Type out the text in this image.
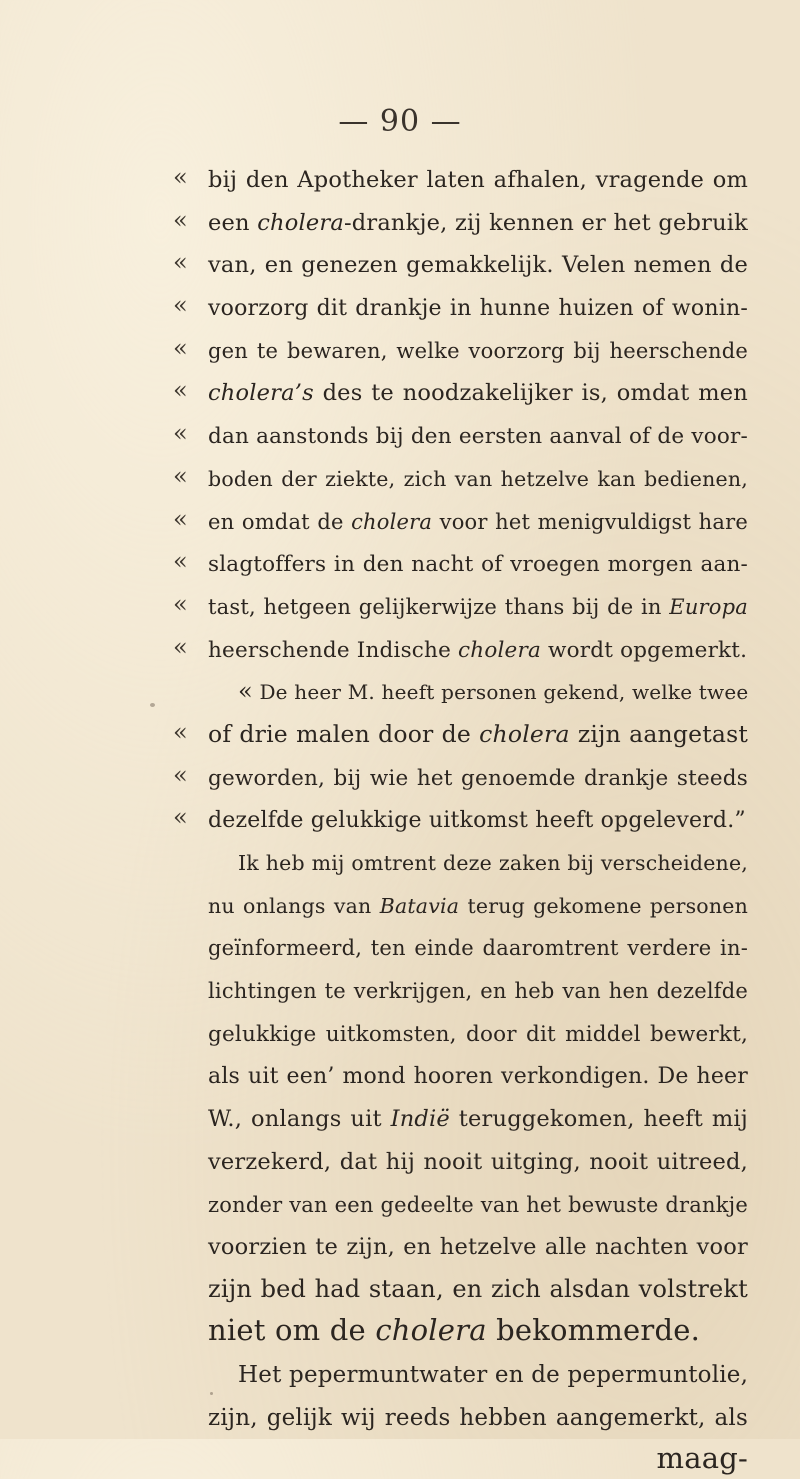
— 90 —
« bij den Apotheker laten afhalen, vragende om
« een cholera-drankje, zij kennen er het gebruik
« van, en genezen gemakkelijk. Velen nemen de
« voorzorg dit drankje in hunne huizen of wonin-
« gen te bewaren, welke voorzorg bij heerschende
« cholera’s des te noodzakelijker is, omdat men
« dan aanstonds bij den eersten aanval of de voor-
« boden der ziekte, zich van hetzelve kan bedienen,
« en omdat de cholera voor het menigvuldigst hare
« slagtoffers in den nacht of vroegen morgen aan-
« tast, hetgeen gelijkerwijze thans bij de in Europa
« heerschende Indische cholera wordt opgemerkt.
« De heer M. heeft personen gekend, welke twee
« of drie malen door de cholera zijn aangetast
« geworden, bij wie het genoemde drankje steeds
« dezelfde gelukkige uitkomst heeft opgeleverd.”
Ik heb mij omtrent deze zaken bij verscheidene,
nu onlangs van Batavia terug gekomene personen
geïnformeerd, ten einde daaromtrent verdere in-
lichtingen te verkrijgen, en heb van hen dezelfde
gelukkige uitkomsten, door dit middel bewerkt,
als uit een’ mond hooren verkondigen. De heer
W., onlangs uit Indië teruggekomen, heeft mij
verzekerd, dat hij nooit uitging, nooit uitreed,
zonder van een gedeelte van het bewuste drankje
voorzien te zijn, en hetzelve alle nachten voor
zijn bed had staan, en zich alsdan volstrekt
niet om de cholera bekommerde.
Het pepermuntwater en de pepermuntolie,
zijn, gelijk wij reeds hebben aangemerkt, als
maag-
